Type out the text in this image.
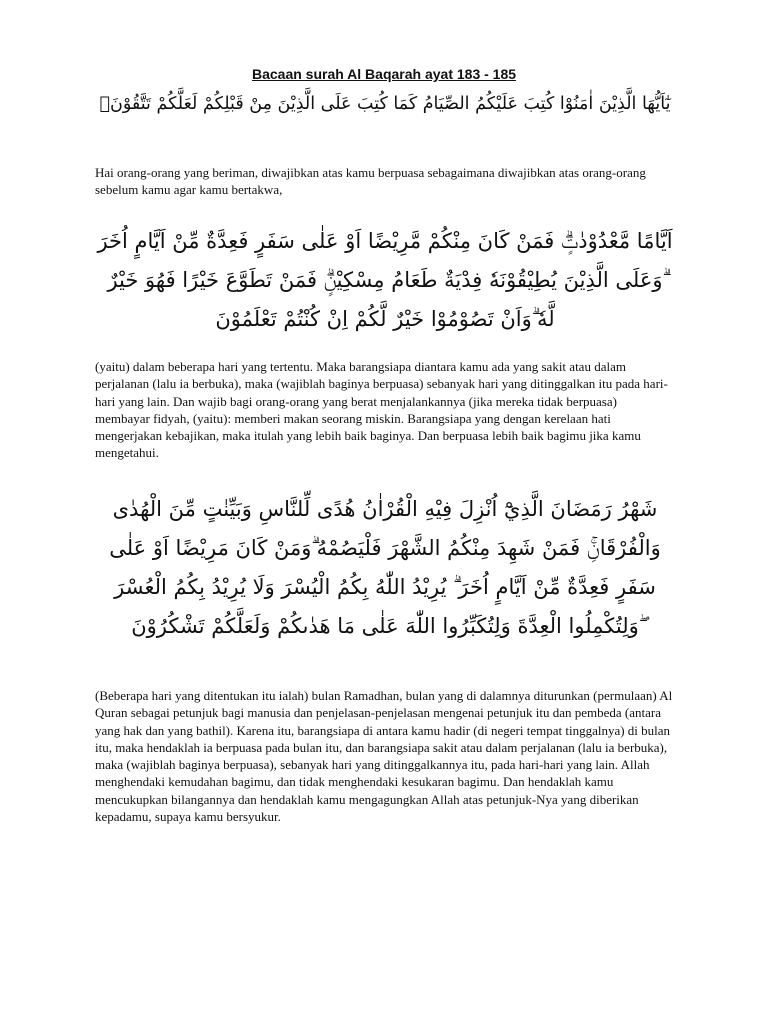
Bacaan surah Al Baqarah ayat 183 - 185
يٰٓاَيُّهَا الَّذِيْنَ اٰمَنُوْا كُتِبَ عَلَيْكُمُ الصِّيَامُ كَمَا كُتِبَ عَلَى الَّذِيْنَ مِنْ قَبْلِكُمْ لَعَلَّكُمْ تَتَّقُوْنَۙ
Hai orang-orang yang beriman, diwajibkan atas kamu berpuasa sebagaimana diwajibkan atas orang-orang sebelum kamu agar kamu bertakwa,
اَيَّامًا مَّعْدُوْدٰتٍۗ فَمَنْ كَانَ مِنْكُمْ مَّرِيْضًا اَوْ عَلٰى سَفَرٍ فَعِدَّةٌ مِّنْ اَيَّامٍ اُخَرَ ۗوَعَلَى الَّذِيْنَ يُطِيْقُوْنَهٗ فِدْيَةٌ طَعَامُ مِسْكِيْنٍۗ فَمَنْ تَطَوَّعَ خَيْرًا فَهُوَ خَيْرٌ لَّهٗ ۗوَاَنْ تَصُوْمُوْا خَيْرٌ لَّكُمْ اِنْ كُنْتُمْ تَعْلَمُوْنَ
(yaitu) dalam beberapa hari yang tertentu. Maka barangsiapa diantara kamu ada yang sakit atau dalam perjalanan (lalu ia berbuka), maka (wajiblah baginya berpuasa) sebanyak hari yang ditinggalkan itu pada hari-hari yang lain. Dan wajib bagi orang-orang yang berat menjalankannya (jika mereka tidak berpuasa) membayar fidyah, (yaitu): memberi makan seorang miskin. Barangsiapa yang dengan kerelaan hati mengerjakan kebajikan, maka itulah yang lebih baik baginya. Dan berpuasa lebih baik bagimu jika kamu mengetahui.
شَهْرُ رَمَضَانَ الَّذِيْٓ اُنْزِلَ فِيْهِ الْقُرْاٰنُ هُدًى لِّلنَّاسِ وَبَيِّنٰتٍ مِّنَ الْهُدٰى وَالْفُرْقَانِۚ فَمَنْ شَهِدَ مِنْكُمُ الشَّهْرَ فَلْيَصُمْهُ ۗوَمَنْ كَانَ مَرِيْضًا اَوْ عَلٰى سَفَرٍ فَعِدَّةٌ مِّنْ اَيَّامٍ اُخَرَ ۗ يُرِيْدُ اللّٰهُ بِكُمُ الْيُسْرَ وَلَا يُرِيْدُ بِكُمُ الْعُسْرَ ۖوَلِتُكْمِلُوا الْعِدَّةَ وَلِتُكَبِّرُوا اللّٰهَ عَلٰى مَا هَدٰىكُمْ وَلَعَلَّكُمْ تَشْكُرُوْنَ
(Beberapa hari yang ditentukan itu ialah) bulan Ramadhan, bulan yang di dalamnya diturunkan (permulaan) Al Quran sebagai petunjuk bagi manusia dan penjelasan-penjelasan mengenai petunjuk itu dan pembeda (antara yang hak dan yang bathil). Karena itu, barangsiapa di antara kamu hadir (di negeri tempat tinggalnya) di bulan itu, maka hendaklah ia berpuasa pada bulan itu, dan barangsiapa sakit atau dalam perjalanan (lalu ia berbuka), maka (wajiblah baginya berpuasa), sebanyak hari yang ditinggalkannya itu, pada hari-hari yang lain. Allah menghendaki kemudahan bagimu, dan tidak menghendaki kesukaran bagimu. Dan hendaklah kamu mencukupkan bilangannya dan hendaklah kamu mengagungkan Allah atas petunjuk-Nya yang diberikan kepadamu, supaya kamu bersyukur.
